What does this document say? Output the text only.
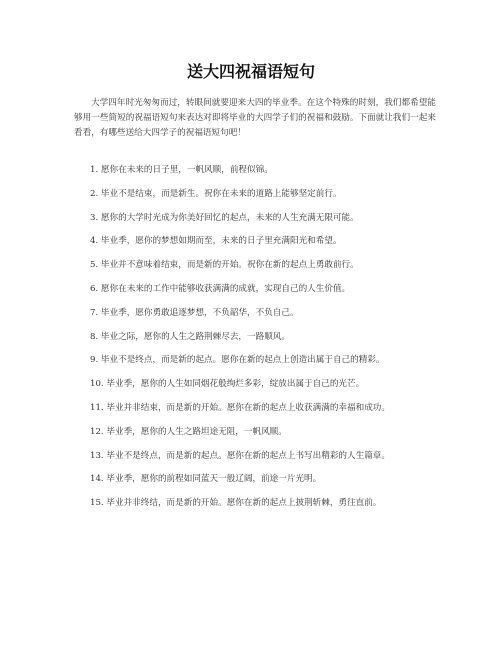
送大四祝福语短句

大学四年时光匆匆而过，转眼间就要迎来大四的毕业季。在这个特殊的时刻，我们都希望能够用一些简短的祝福语短句来表达对即将毕业的大四学子们的祝福和鼓励。下面就让我们一起来看看，有哪些送给大四学子的祝福语短句吧！

1. 愿你在未来的日子里，一帆风顺，前程似锦。
2. 毕业不是结束，而是新生。祝你在未来的道路上能够坚定前行。
3. 愿你的大学时光成为你美好回忆的起点，未来的人生充满无限可能。
4. 毕业季，愿你的梦想如期而至，未来的日子里充满阳光和希望。
5. 毕业并不意味着结束，而是新的开始。祝你在新的起点上勇敢前行。
6. 愿你在未来的工作中能够收获满满的成就，实现自己的人生价值。
7. 毕业季，愿你勇敢追逐梦想，不负韶华，不负自己。
8. 毕业之际，愿你的人生之路荆棘尽去，一路顺风。
9. 毕业不是终点，而是新的起点。愿你在新的起点上创造出属于自己的精彩。
10. 毕业季，愿你的人生如同烟花般绚烂多彩，绽放出属于自己的光芒。
11. 毕业并非结束，而是新的开始。愿你在新的起点上收获满满的幸福和成功。
12. 毕业季，愿你的人生之路坦途无阻，一帆风顺。
13. 毕业不是终点，而是新的起点。愿你在新的起点上书写出精彩的人生篇章。
14. 毕业季，愿你的前程如同蓝天一般辽阔，前途一片光明。
15. 毕业并非终结，而是新的开始。愿你在新的起点上披荆斩棘，勇往直前。
